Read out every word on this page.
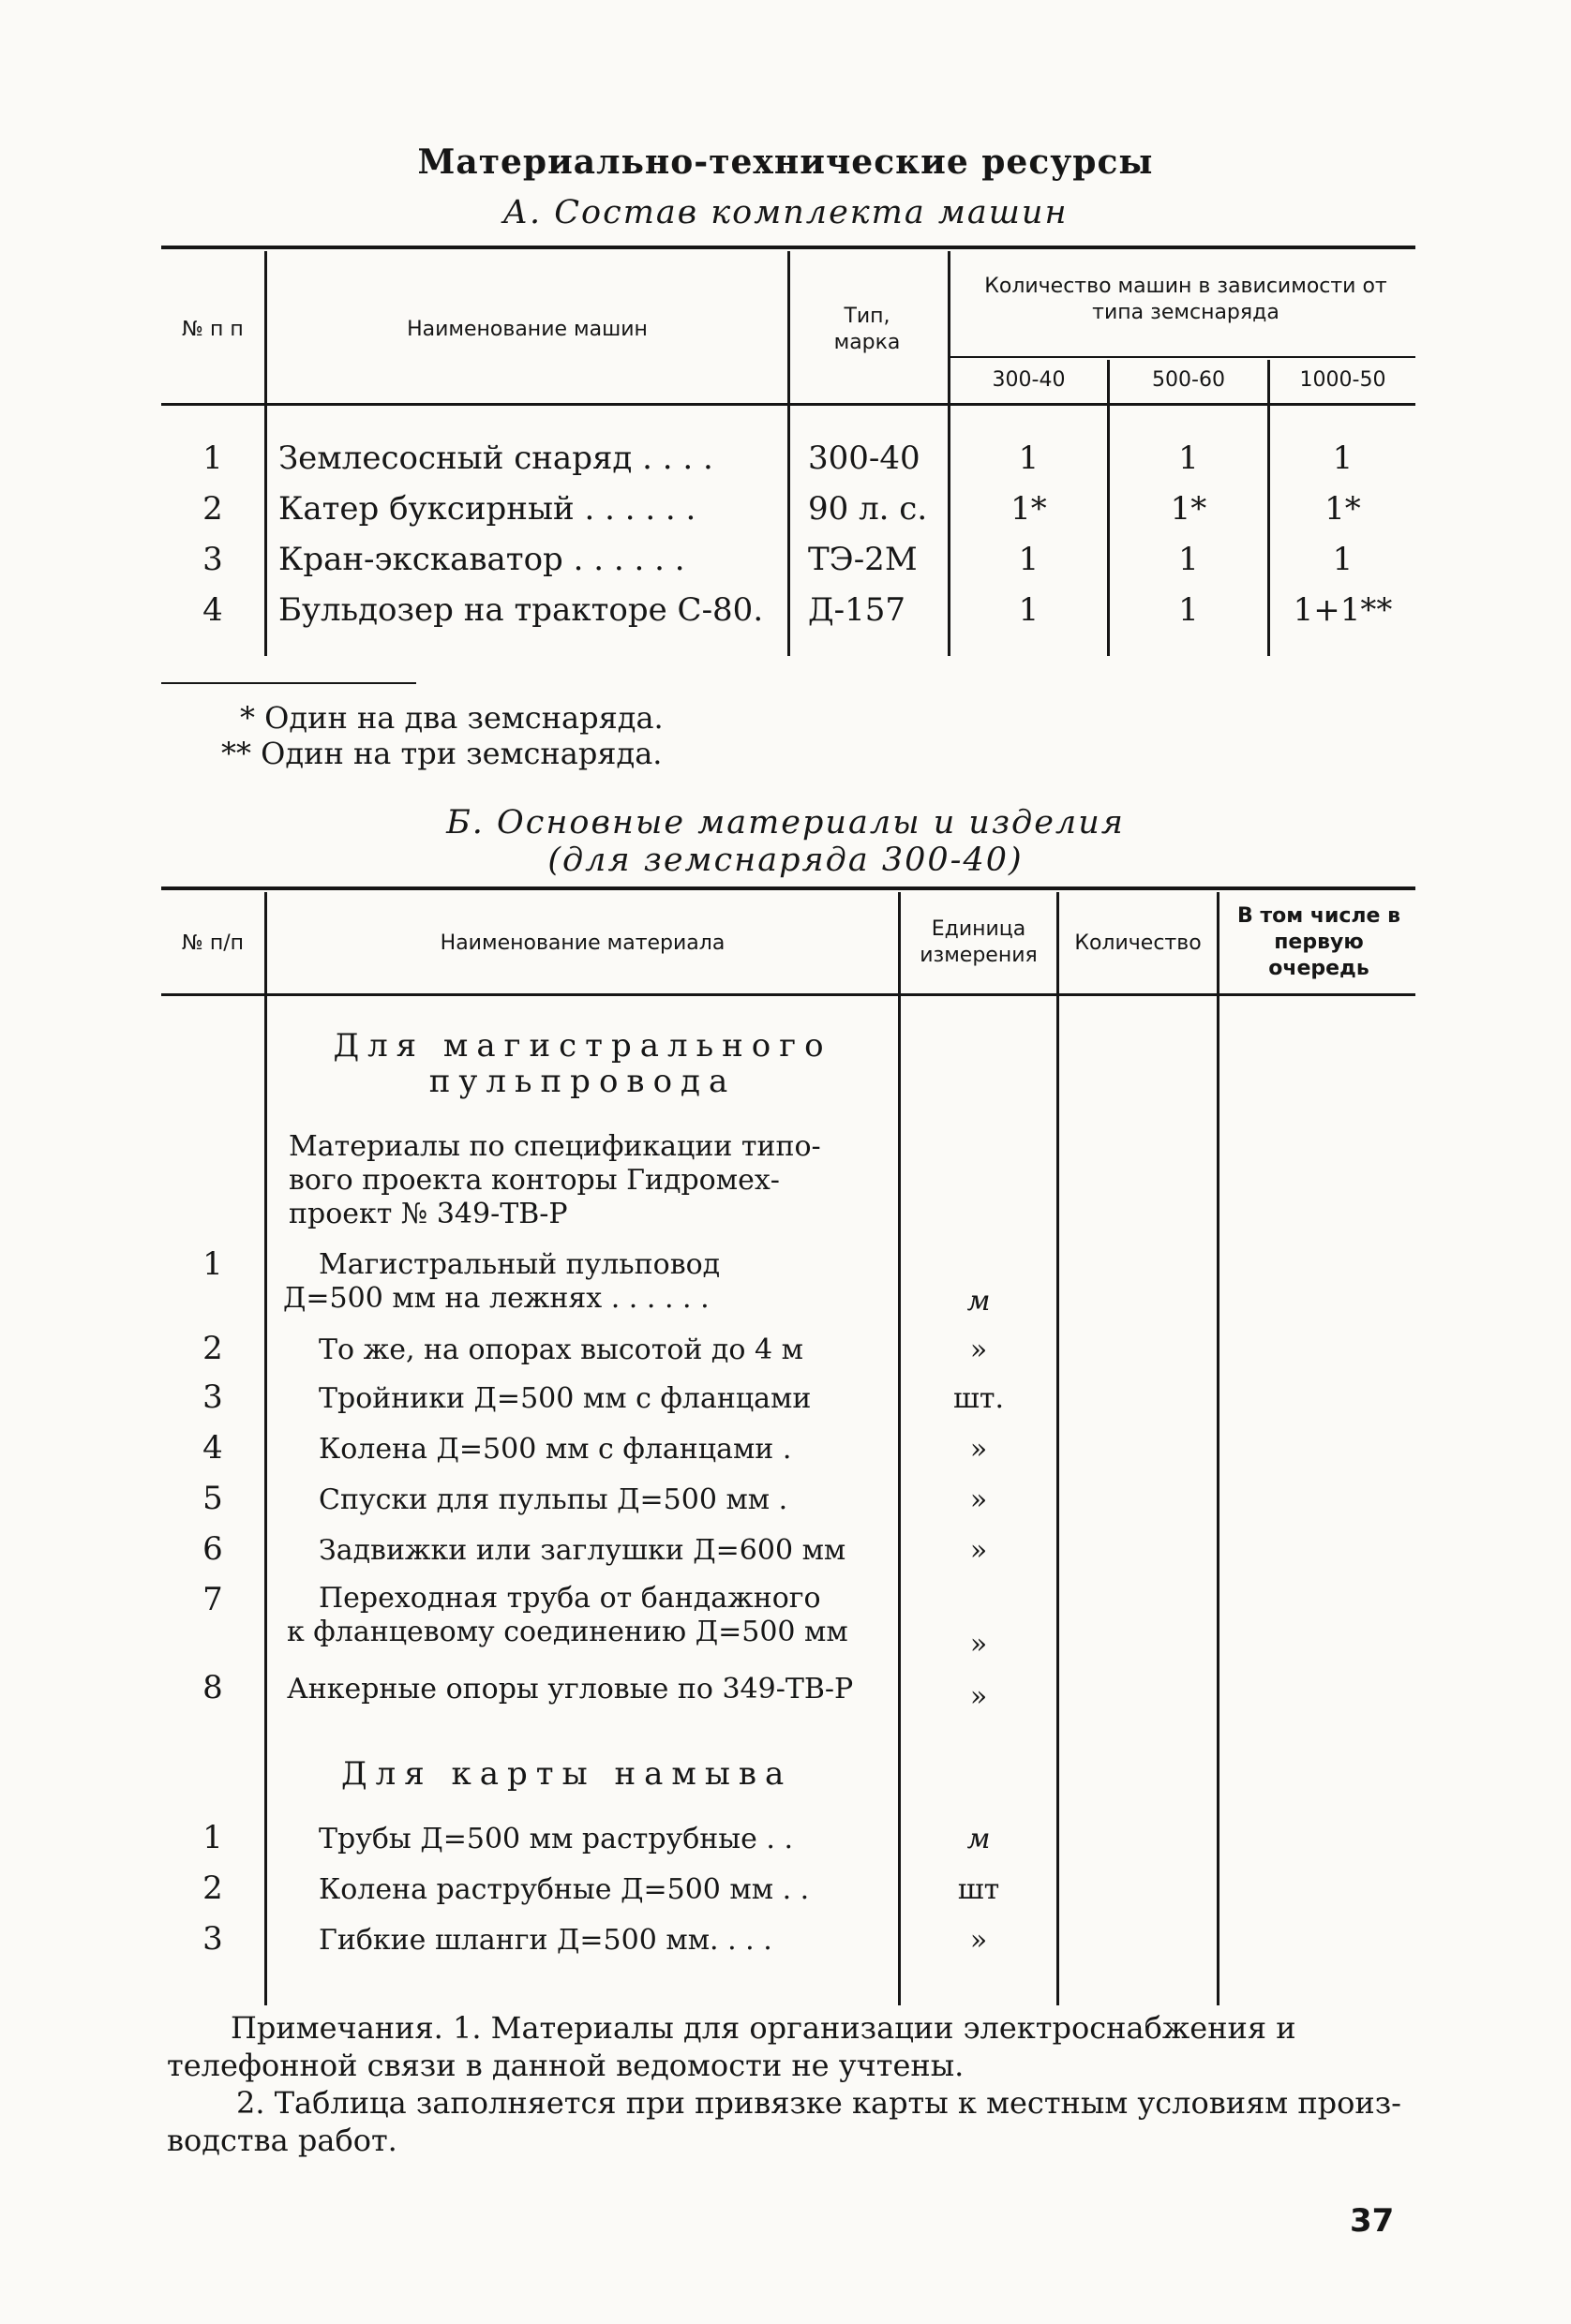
Материально-технические ресурсы
А. Состав комплекта машин
№ п п	Наименование машин
Тип, марка
Количество машин в зависимости от типа земснаряда
300-40	500-60	1000-50
1	Землесосный снаряд . . . .	300-40	1	1	1
2	Катер буксирный . . . . . .	90 л. с.	1*	1*	1*
3	Кран-экскаватор . . . . . .	ТЭ-2М	1	1	1
4	Бульдозер на тракторе С-80. Д-157	1	1	1+1**
* Один на два земснаряда.
** Один на три земснаряда.
Б. Основные материалы и изделия
(для земснаряда 300-40)
№ п/п	Наименование материала
Единица измерения
Количество
В том числе в первую очередь
Для магистрального
пульпровода
Материалы по спецификации типо-
вого проекта конторы Гидромех-
проект № 349-ТВ-Р
1	Магистральный пульповод
Д=500 мм на лежнях . . . . . .	м
2	То же, на опорах высотой до 4 м	»
3	Тройники Д=500 мм с фланцами	шт.
4	Колена Д=500 мм с фланцами .	»
5	Спуски для пульпы Д=500 мм .	»
6	Задвижки или заглушки Д=600 мм	»
7	Переходная труба от бандажного
к фланцевому соединению Д=500 мм	»
8	Анкерные опоры угловые по 349-ТВ-Р	»
Для карты намыва
1	Трубы Д=500 мм раструбные . .	м
2	Колена раструбные Д=500 мм . .	шт
3	Гибкие шланги Д=500 мм. . . .	»
Примечания. 1. Материалы для организации электроснабжения и
телефонной связи в данной ведомости не учтены.
2. Таблица заполняется при привязке карты к местным условиям произ-
водства работ.
37
